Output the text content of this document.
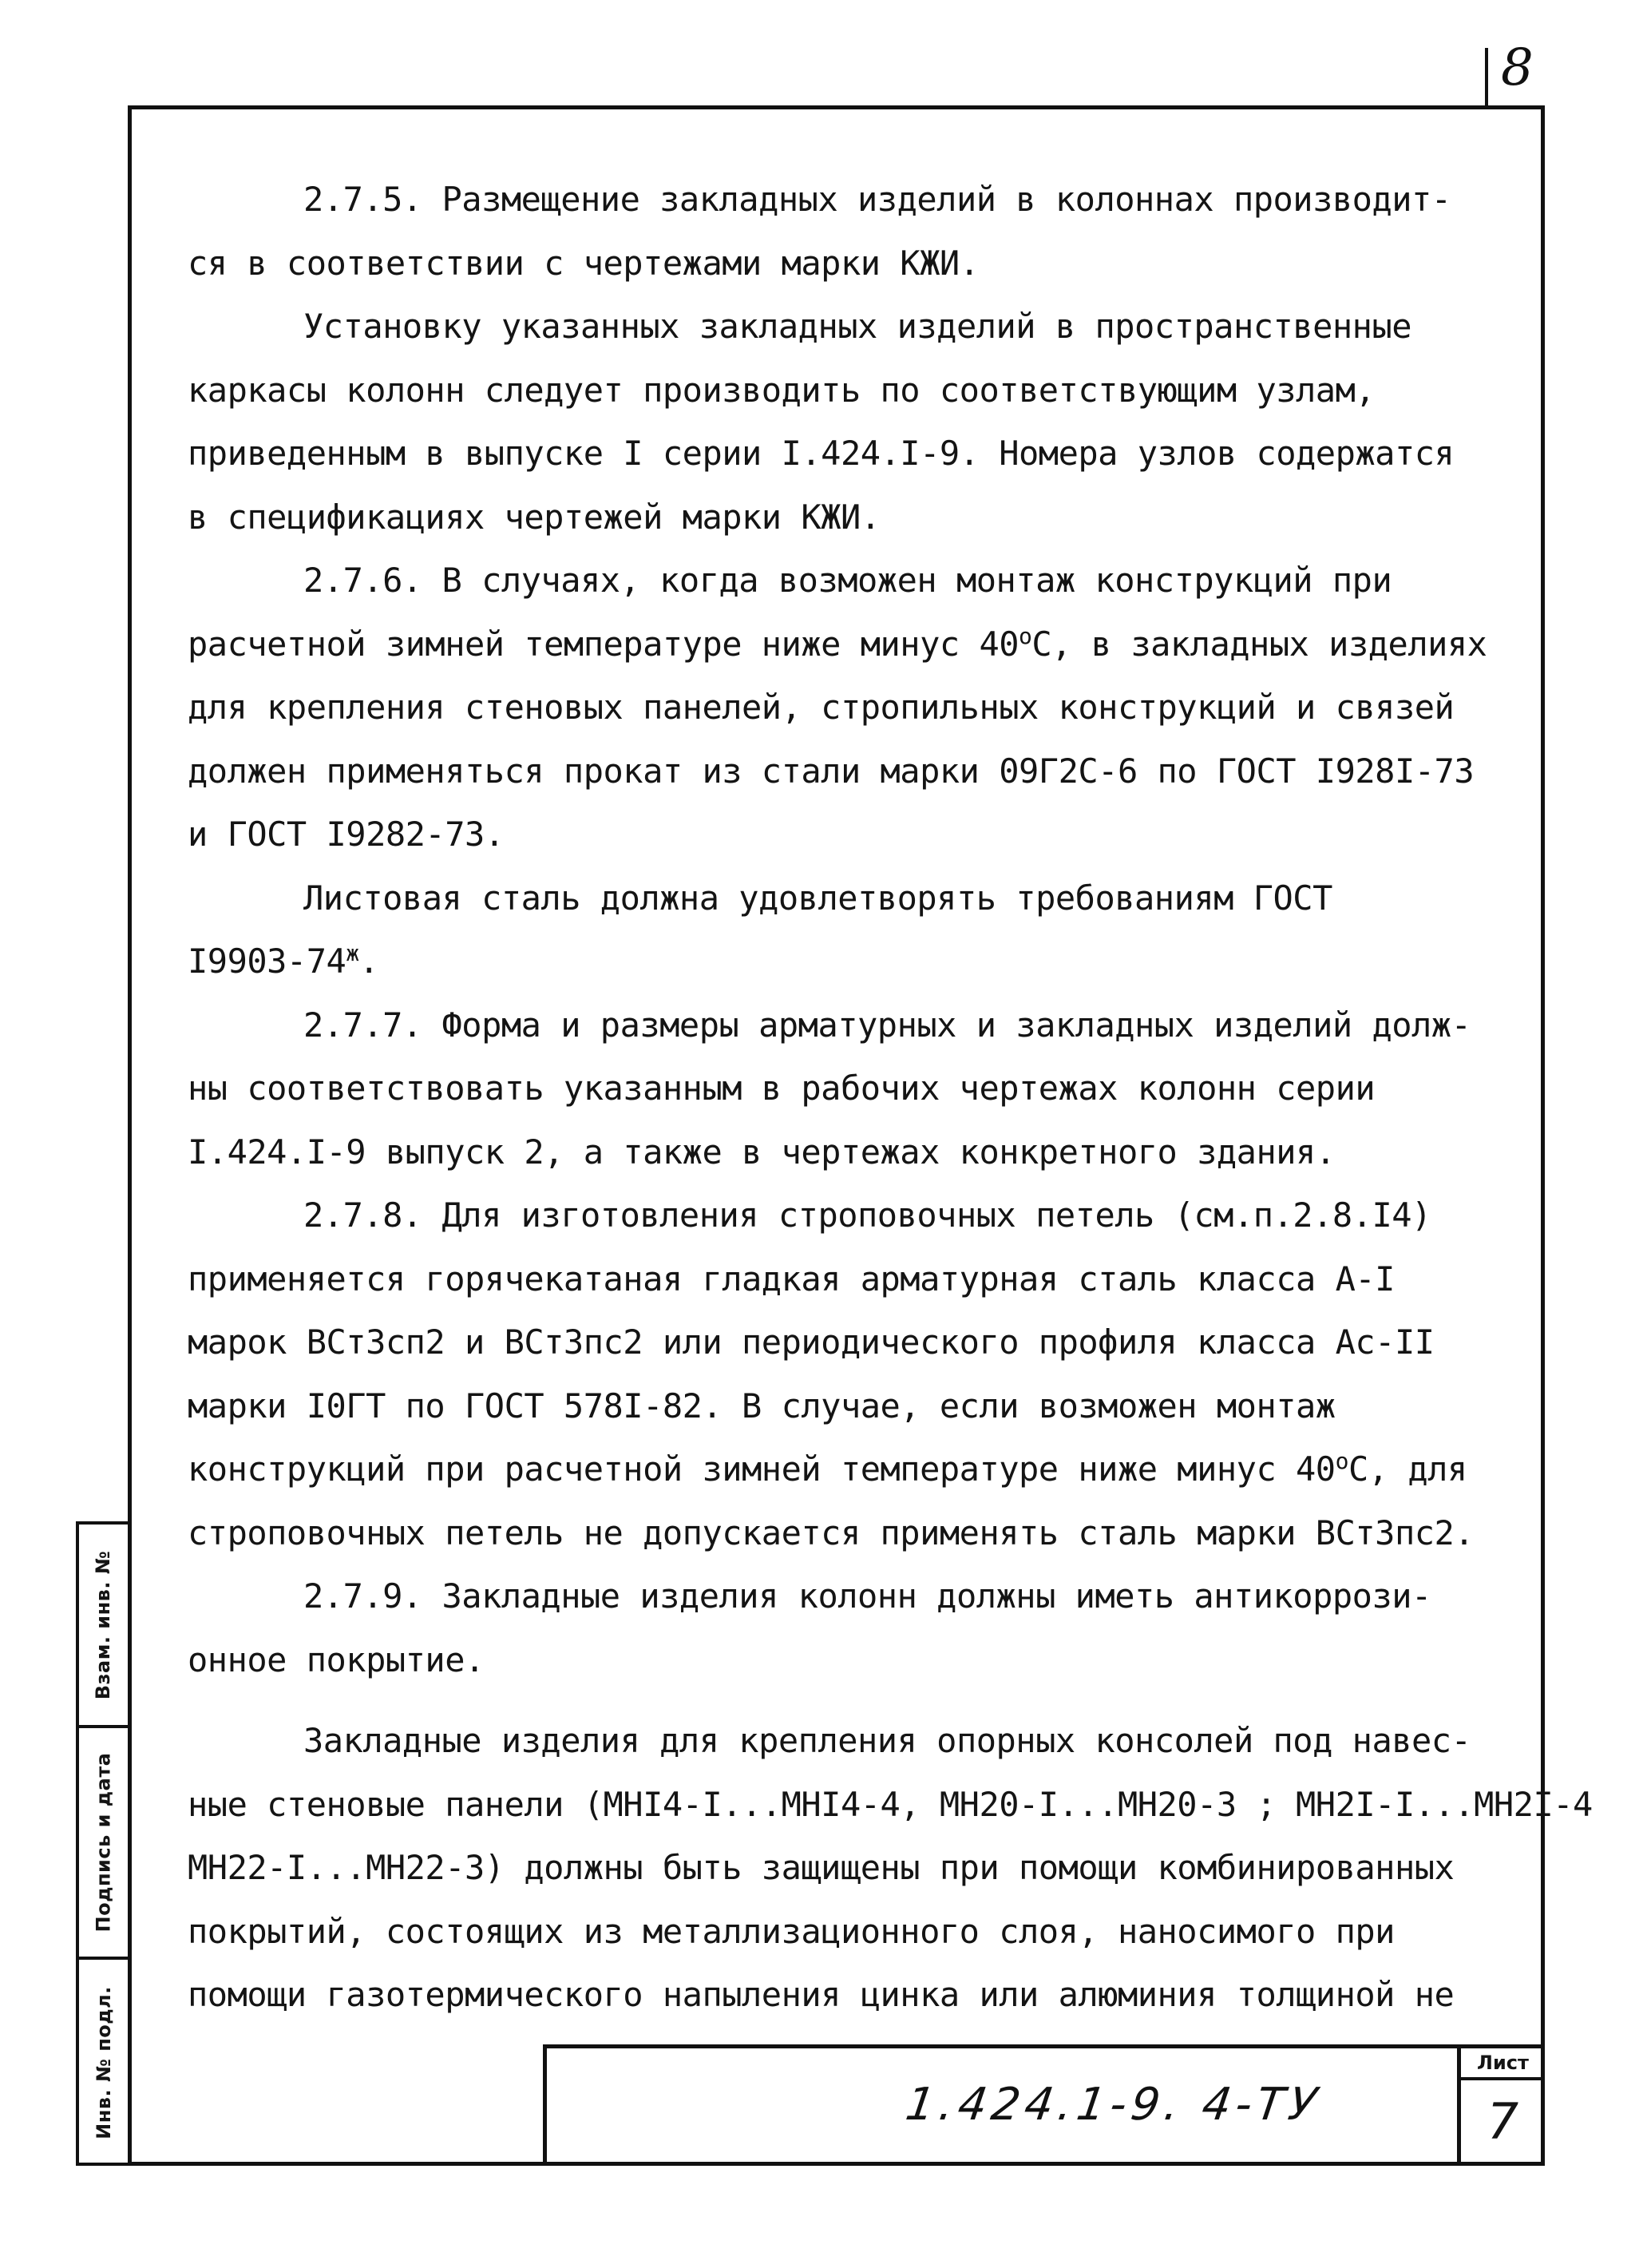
8
2.7.5. Размещение закладных изделий в колоннах производит-
ся в соответствии с чертежами марки КЖИ.
Установку указанных закладных изделий в пространственные
каркасы колонн следует производить по соответствующим узлам,
приведенным в выпуске I серии I.424.I-9. Номера узлов содержатся
в спецификациях чертежей марки КЖИ.
2.7.6. В случаях, когда возможен монтаж конструкций при
расчетной зимней температуре ниже минус 40$^o$С, в закладных изделиях
для крепления стеновых панелей, стропильных конструкций и связей
должен применяться прокат из стали марки 09Г2С-6 по ГОСТ I928I-73
и ГОСТ I9282-73.
Листовая сталь должна удовлетворять требованиям ГОСТ
$I9903-74^ж$.
2.7.7. Форма и размеры арматурных и закладных изделий долж-
ны соответствовать указанным в рабочих чертежах колонн серии
I.424.I-9 выпуск 2, а также в чертежах конкретного здания.
2.7.8. Для изготовления строповочных петель (см.п.2.8.I4)
применяется горячекатаная гладкая арматурная сталь класса А-I
марок ВСт3сп2 и ВСт3пс2 или периодического профиля класса Ас-II
марки I0ГТ по ГОСТ 578I-82. В случае, если возможен монтаж
конструкций при расчетной зимней температуре ниже минус 40$^o$С, для
строповочных петель не допускается применять сталь марки ВСт3пс2.
2.7.9. Закладные изделия колонн должны иметь антикоррози-
онное покрытие.
Закладные изделия для крепления опорных консолей под навес-
ные стеновые панели (МНI4-I...МНI4-4, МН20-I...МН20-3 ; МН2I-I...МН2I-4
МН22-I...МН22-3) должны быть защищены при помощи комбинированных
покрытий, состоящих из металлизационного слоя, наносимого при
помощи газотермического напыления цинка или алюминия толщиной не
Взам. инв. №
Подпись и дата
Инв. № подл.	1.424.1-9. 4-ТУ
Лист
7
